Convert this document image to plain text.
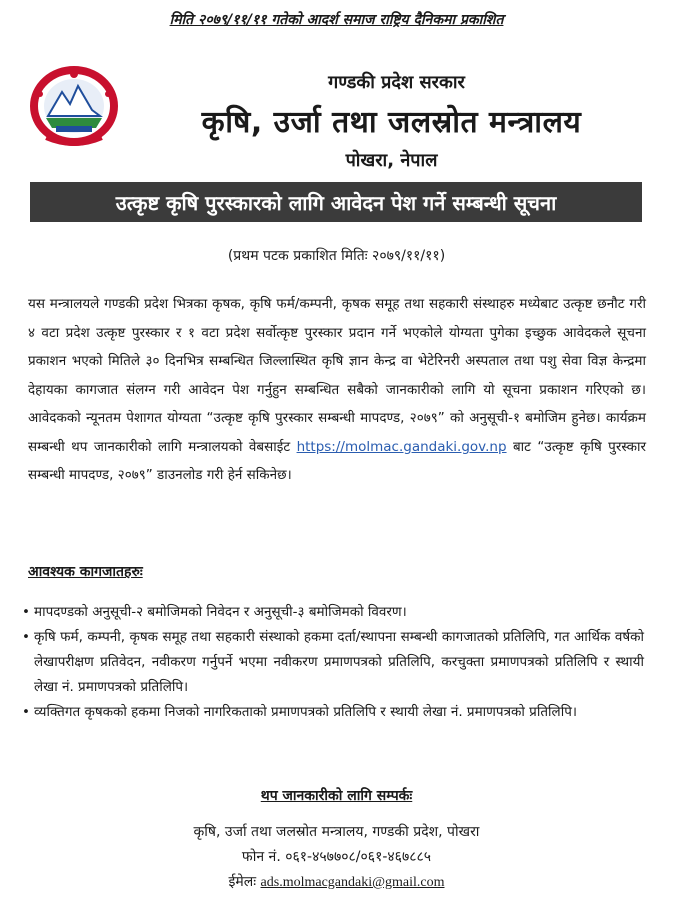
मिति २०७९/११/११ गतेको आदर्श समाज राष्ट्रिय दैनिकमा प्रकाशित
गण्डकी प्रदेश सरकार
कृषि, उर्जा तथा जलस्रोत मन्त्रालय
पोखरा, नेपाल
उत्कृष्ट कृषि पुरस्कारको लागि आवेदन पेश गर्ने सम्बन्धी सूचना
(प्रथम पटक प्रकाशित मितिः २०७९/११/११)
यस मन्त्रालयले गण्डकी प्रदेश भित्रका कृषक, कृषि फर्म/कम्पनी, कृषक समूह तथा सहकारी संस्थाहरु मध्येबाट उत्कृष्ट छनौट गरी ४ वटा प्रदेश उत्कृष्ट पुरस्कार र १ वटा प्रदेश सर्वोत्कृष्ट पुरस्कार प्रदान गर्ने भएकोले योग्यता पुगेका इच्छुक आवेदकले सूचना प्रकाशन भएको मितिले ३० दिनभित्र सम्बन्धित जिल्लास्थित कृषि ज्ञान केन्द्र वा भेटेरिनरी अस्पताल तथा पशु सेवा विज्ञ केन्द्रमा देहायका कागजात संलग्न गरी आवेदन पेश गर्नुहुन सम्बन्धित सबैको जानकारीको लागि यो सूचना प्रकाशन गरिएको छ। आवेदकको न्यूनतम पेशागत योग्यता “उत्कृष्ट कृषि पुरस्कार सम्बन्धी मापदण्ड, २०७९” को अनुसूची-१ बमोजिम हुनेछ। कार्यक्रम सम्बन्धी थप जानकारीको लागि मन्त्रालयको वेबसाईट https://molmac.gandaki.gov.np बाट “उत्कृष्ट कृषि पुरस्कार सम्बन्धी मापदण्ड, २०७९” डाउनलोड गरी हेर्न सकिनेछ।
आवश्यक कागजातहरुः
• मापदण्डको अनुसूची-२ बमोजिमको निवेदन र अनुसूची-३ बमोजिमको विवरण।
• कृषि फर्म, कम्पनी, कृषक समूह तथा सहकारी संस्थाको हकमा दर्ता/स्थापना सम्बन्धी कागजातको प्रतिलिपि, गत आर्थिक वर्षको लेखापरीक्षण प्रतिवेदन, नवीकरण गर्नुपर्ने भएमा नवीकरण प्रमाणपत्रको प्रतिलिपि, करचुक्ता प्रमाणपत्रको प्रतिलिपि र स्थायी लेखा नं. प्रमाणपत्रको प्रतिलिपि।
• व्यक्तिगत कृषकको हकमा निजको नागरिकताको प्रमाणपत्रको प्रतिलिपि र स्थायी लेखा नं. प्रमाणपत्रको प्रतिलिपि।
थप जानकारीको लागि सम्पर्कः
कृषि, उर्जा तथा जलस्रोत मन्त्रालय, गण्डकी प्रदेश, पोखरा
फोन नं. ०६१-४५७७०८/०६१-४६७८८५
ईमेलः ads.molmacgandaki@gmail.com
